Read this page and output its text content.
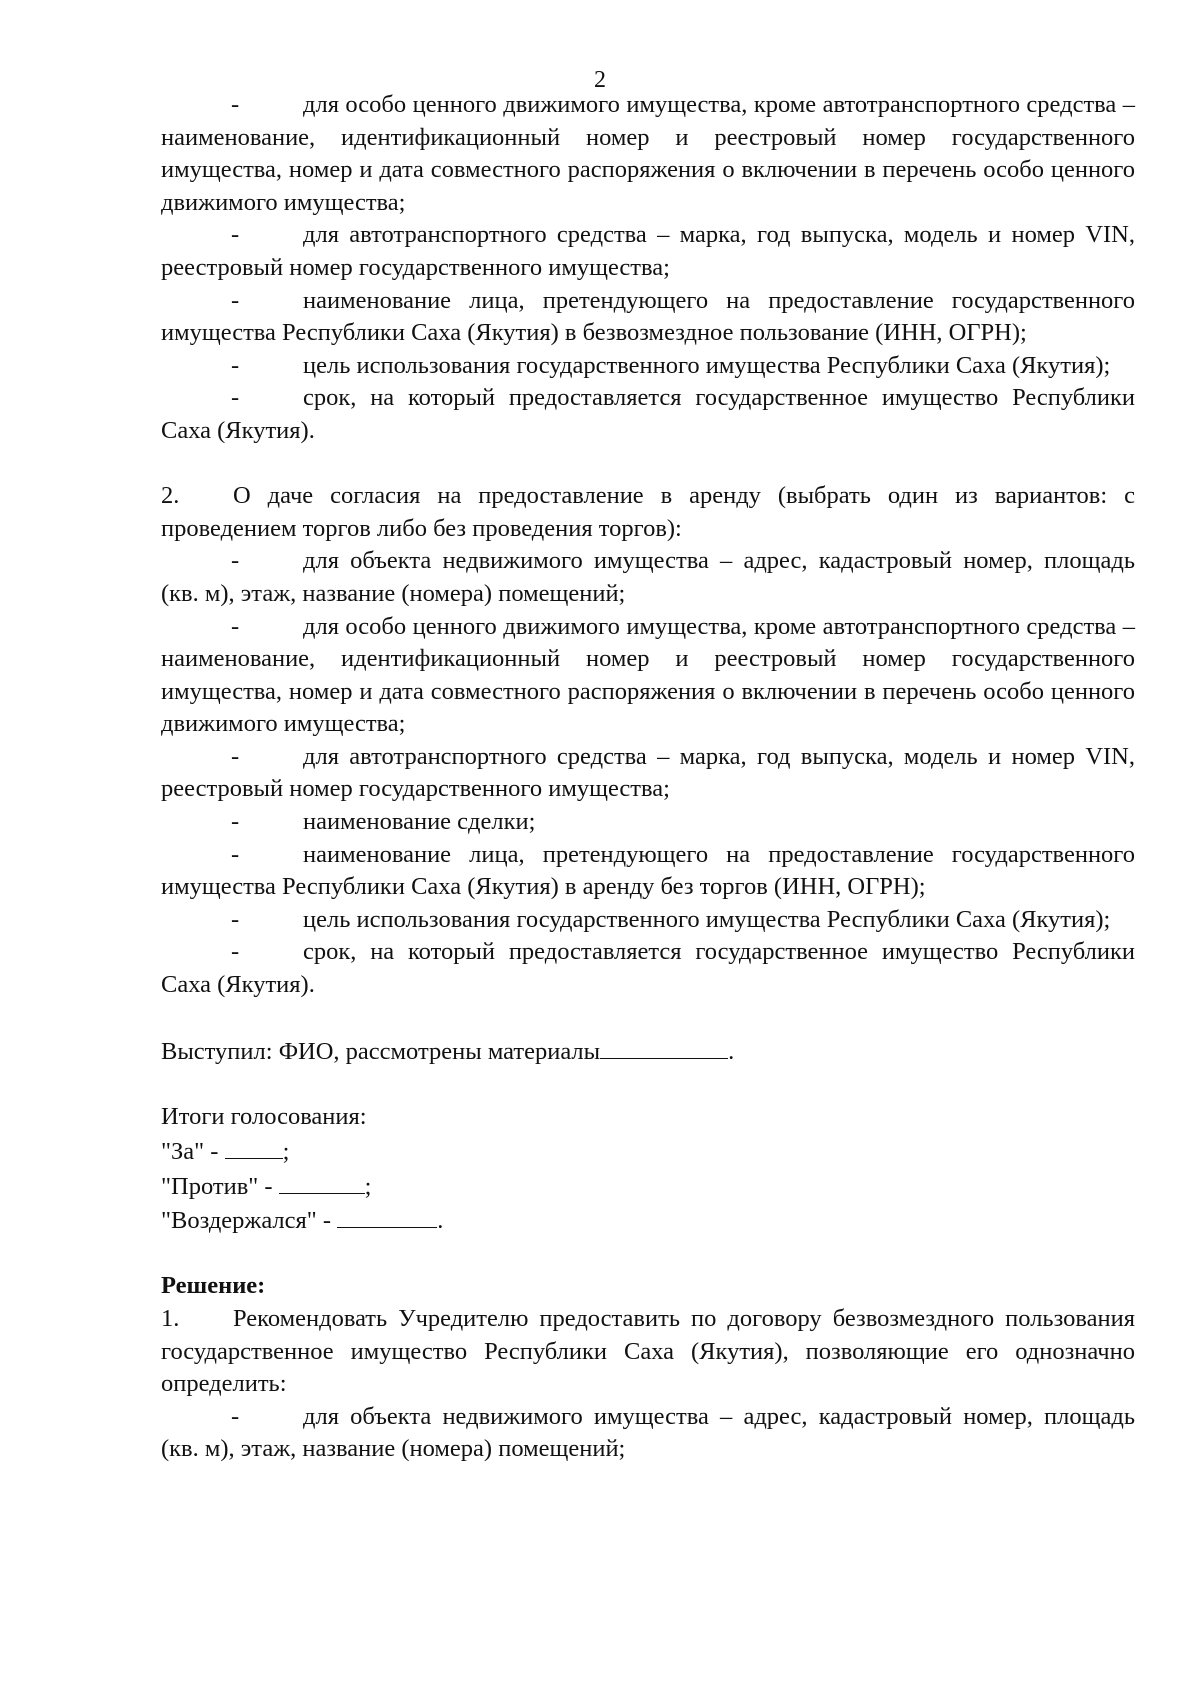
2

-	для особо ценного движимого имущества, кроме автотранспортного средства – наименование, идентификационный номер и реестровый номер государственного имущества, номер и дата совместного распоряжения о включении в перечень особо ценного движимого имущества;

-	для автотранспортного средства – марка, год выпуска, модель и номер VIN, реестровый номер государственного имущества;

-	наименование лица, претендующего на предоставление государственного имущества Республики Саха (Якутия) в безвозмездное пользование (ИНН, ОГРН);

-	цель использования государственного имущества Республики Саха (Якутия);

-	срок, на который предоставляется государственное имущество Республики Саха (Якутия).

2. О даче согласия на предоставление в аренду (выбрать один из вариантов: с проведением торгов либо без проведения торгов):

-	для объекта недвижимого имущества – адрес, кадастровый номер, площадь (кв. м), этаж, название (номера) помещений;

-	для особо ценного движимого имущества, кроме автотранспортного средства – наименование, идентификационный номер и реестровый номер государственного имущества, номер и дата совместного распоряжения о включении в перечень особо ценного движимого имущества;

-	для автотранспортного средства – марка, год выпуска, модель и номер VIN, реестровый номер государственного имущества;

-	наименование сделки;

-	наименование лица, претендующего на предоставление государственного имущества Республики Саха (Якутия) в аренду без торгов (ИНН, ОГРН);

-	цель использования государственного имущества Республики Саха (Якутия);

-	срок, на который предоставляется государственное имущество Республики Саха (Якутия).

Выступил: ФИО, рассмотрены материалы	.

Итоги голосования:

"За" - ;

"Против" -	;

"Воздержался" -	.

Решение:

1. Рекомендовать Учредителю предоставить по договору безвозмездного пользования государственное имущество Республики Саха (Якутия), позволяющие его однозначно определить:

-	для объекта недвижимого имущества – адрес, кадастровый номер, площадь (кв. м), этаж, название (номера) помещений;
